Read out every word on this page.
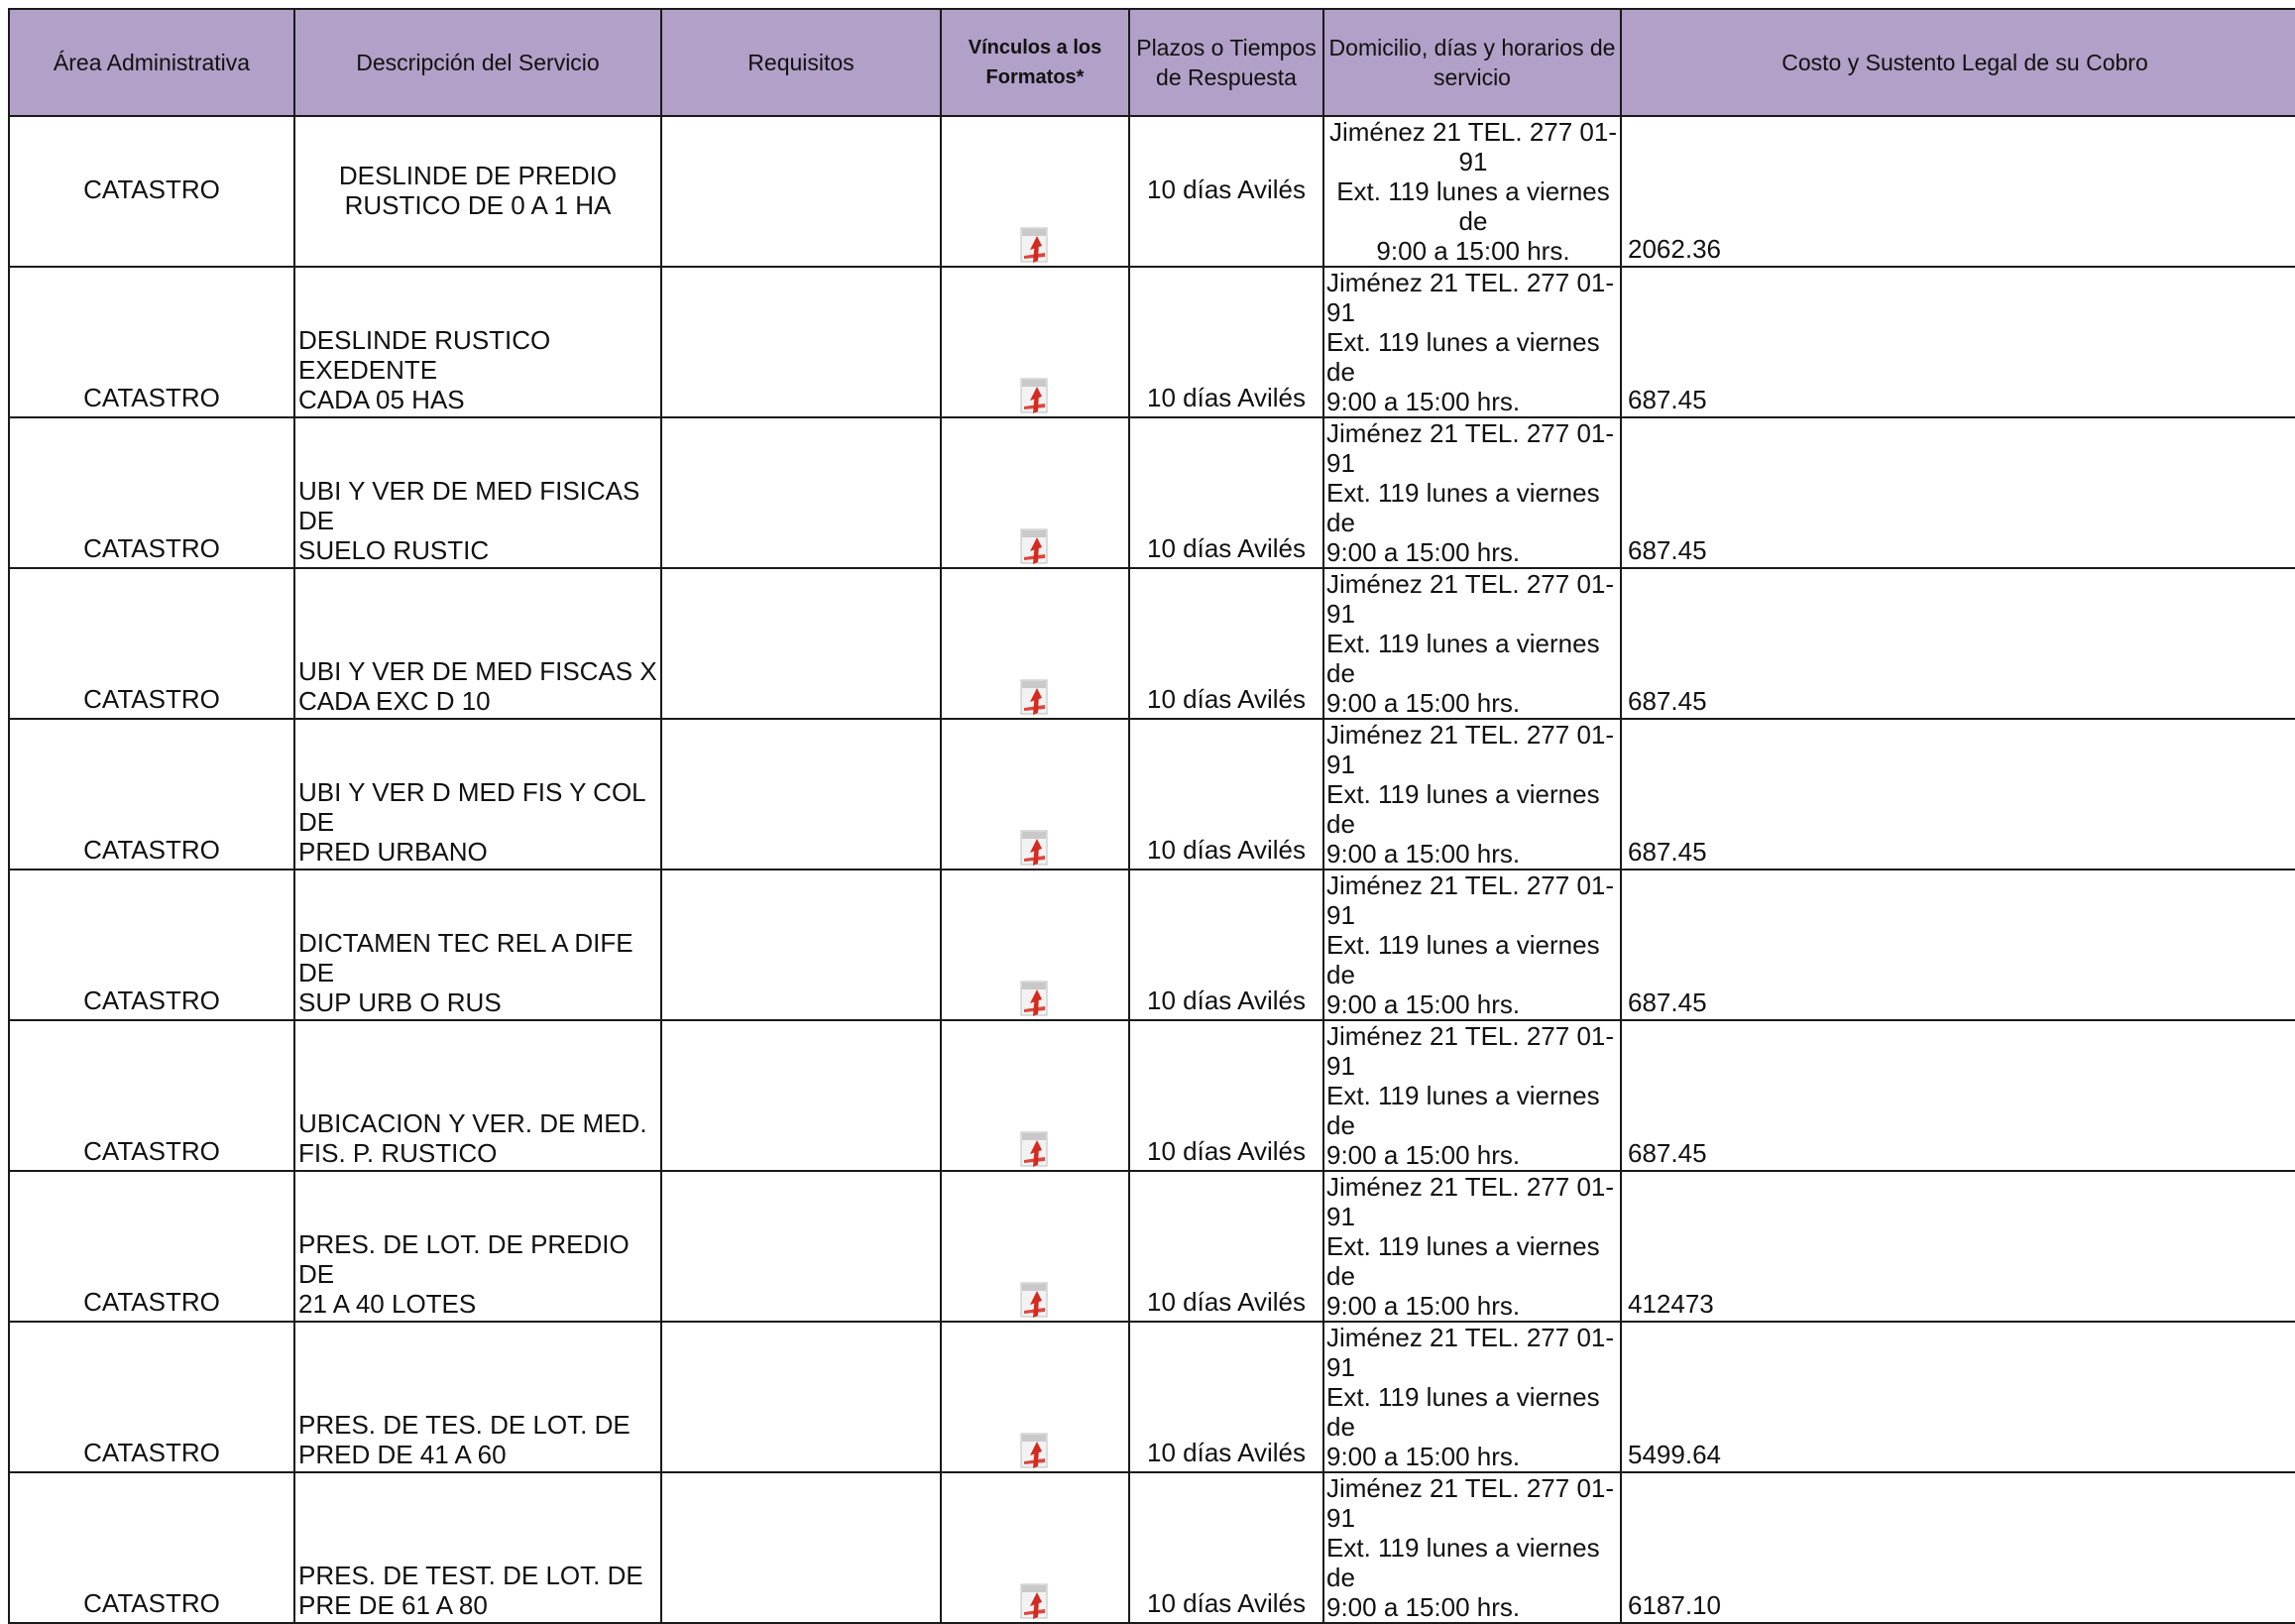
Área Administrativa	Descripción del Servicio	Requisitos	Vínculos a los Formatos*	Plazos o Tiempos de Respuesta	Domicilio, días y horarios de servicio	Costo y Sustento Legal de su Cobro
CATASTRO	DESLINDE DE PREDIO RUSTICO DE 0 A 1 HA			10 días Avilés	Jiménez 21 TEL. 277 01-91
Ext. 119 lunes a viernes de
9:00 a 15:00 hrs.	2062.36
CATASTRO	DESLINDE RUSTICO EXEDENTE
CADA 05 HAS			10 días Avilés	Jiménez 21 TEL. 277 01-91
Ext. 119 lunes a viernes de
9:00 a 15:00 hrs.	687.45
CATASTRO	UBI Y VER DE MED FISICAS DE
SUELO RUSTIC			10 días Avilés	Jiménez 21 TEL. 277 01-91
Ext. 119 lunes a viernes de
9:00 a 15:00 hrs.	687.45
CATASTRO	UBI Y VER DE MED FISCAS X
CADA EXC D 10			10 días Avilés	Jiménez 21 TEL. 277 01-91
Ext. 119 lunes a viernes de
9:00 a 15:00 hrs.	687.45
CATASTRO	UBI Y VER D MED FIS Y COL DE
PRED URBANO			10 días Avilés	Jiménez 21 TEL. 277 01-91
Ext. 119 lunes a viernes de
9:00 a 15:00 hrs.	687.45
CATASTRO	DICTAMEN TEC REL A DIFE DE
SUP URB O RUS			10 días Avilés	Jiménez 21 TEL. 277 01-91
Ext. 119 lunes a viernes de
9:00 a 15:00 hrs.	687.45
CATASTRO	UBICACION Y VER. DE MED.
FIS. P. RUSTICO			10 días Avilés	Jiménez 21 TEL. 277 01-91
Ext. 119 lunes a viernes de
9:00 a 15:00 hrs.	687.45
CATASTRO	PRES. DE LOT. DE PREDIO DE
21 A 40 LOTES			10 días Avilés	Jiménez 21 TEL. 277 01-91
Ext. 119 lunes a viernes de
9:00 a 15:00 hrs.	412473
CATASTRO	PRES. DE TES. DE LOT. DE
PRED DE 41 A 60			10 días Avilés	Jiménez 21 TEL. 277 01-91
Ext. 119 lunes a viernes de
9:00 a 15:00 hrs.	5499.64
CATASTRO	PRES. DE TEST. DE LOT. DE
PRE DE 61 A 80			10 días Avilés	Jiménez 21 TEL. 277 01-91
Ext. 119 lunes a viernes de
9:00 a 15:00 hrs.	6187.10
